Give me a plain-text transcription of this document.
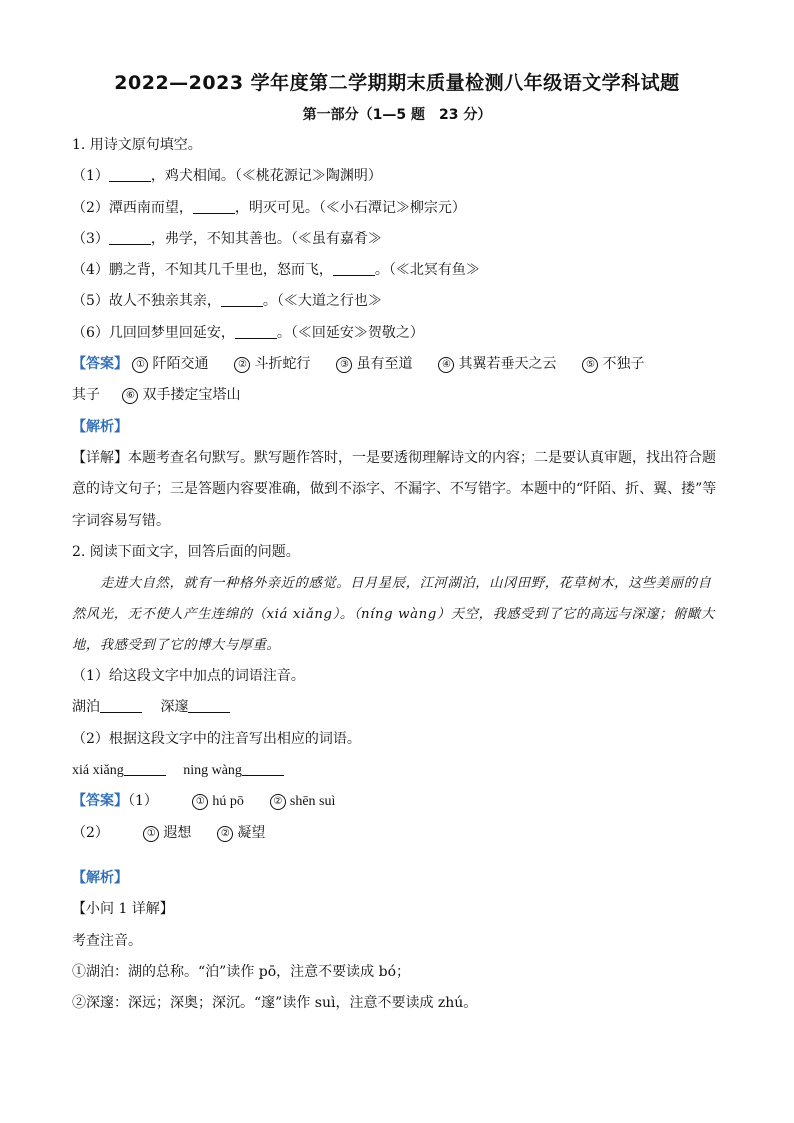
2022—2023 学年度第二学期期末质量检测八年级语文学科试题
第一部分（1—5 题　23 分）
1. 用诗文原句填空。
（1）	，鸡犬相闻。（≪桃花源记≫陶渊明）
（2）潭西南而望，	，明灭可见。（≪小石潭记≫柳宗元）
（3）	，弗学，不知其善也。（≪虽有嘉肴≫
（4）鹏之背，不知其几千里也，怒而飞，	。（≪北冥有鱼≫
（5）故人不独亲其亲，	。（≪大道之行也≫
（6）几回回梦里回延安，	。（≪回延安≫贺敬之）
【答案】 ① 阡陌交通	② 斗折蛇行	③ 虽有至道	④ 其翼若垂天之云	⑤ 不独子
其子	⑥ 双手搂定宝塔山
【解析】
【详解】本题考查名句默写。默写题作答时，一是要透彻理解诗文的内容；二是要认真审题，找出符合题意的诗文句子；三是答题内容要准确，做到不添字、不漏字、不写错字。本题中的“阡陌、折、翼、搂”等字词容易写错。
2. 阅读下面文字，回答后面的问题。
走进大自然，就有一种格外亲近的感觉。日月星辰，江河湖泊，山冈田野，花草树木，这些美丽的自然风光，无不使人产生连绵的（xiá xiǎng）。（níng wàng）天空，我感受到了它的高远与深邃；俯瞰大地，我感受到了它的博大与厚重。
（1）给这段文字中加点的词语注音。
湖泊	深邃
（2）根据这段文字中的注音写出相应的词语。
xiá xiǎng	ning wàng
【答案】（1）	① hú pō	② shēn suì
（2）	① 遐想	② 凝望
【解析】
【小问 1 详解】
考查注音。
①湖泊：湖的总称。“泊”读作 pō，注意不要读成 bó；
②深邃：深远；深奥；深沉。“邃”读作 suì，注意不要读成 zhú。
